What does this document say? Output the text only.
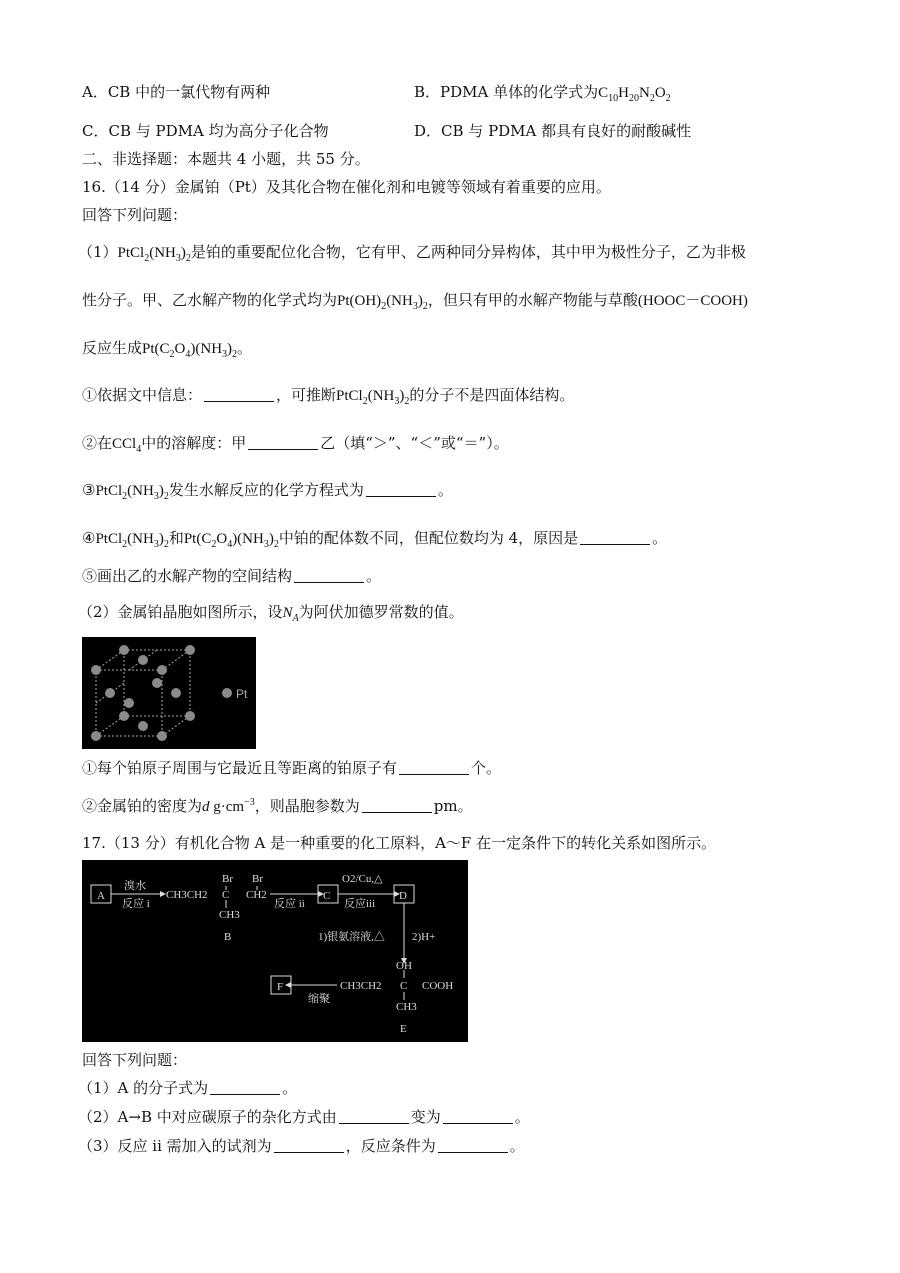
A．CB 中的一氯代物有两种	B．PDMA 单体的化学式为$C_{10}H_{20}N_2O_2$
C．CB 与 PDMA 均为高分子化合物	D．CB 与 PDMA 都具有良好的耐酸碱性
二、非选择题：本题共 4 小题，共 55 分。
16.（14 分）金属铂（Pt）及其化合物在催化剂和电镀等领域有着重要的应用。
回答下列问题：
$(1)PtCl_2(NH_3)_2$是铂的重要配位化合物，它有甲、乙两种同分异构体，其中甲为极性分子，乙为非极
性分子。甲、乙水解产物的化学式均为$Pt(OH)_2(NH_3)_2$，但只有甲的水解产物能与草酸(HOOC－COOH)
反应生成$Pt(C_2O_4)(NH_3)_2$。
①依据文中信息：	，可推断$PtCl_2(NH_3)_2$的分子不是四面体结构。
②在CCl$_4$中的溶解度：甲	乙（填“＞”、“＜”或“＝”）。
$③PtCl_2(NH_3)_2$发生水解反应的化学方程式为	。
$④PtCl_2(NH_3)_2$和$Pt(C_2O_4)(NH_3)_2$中铂的配体数不同，但配位数均为 4，原因是	。
⑤画出乙的水解产物的空间结构	。
（2）金属铂晶胞如图所示，设$N_A$为阿伏加德罗常数的值。
Pt
①每个铂原子周围与它最近且等距离的铂原子有	个。
②金属铂的密度为d $g\cdot cm^{-3}$，则晶胞参数为	pm。
17.（13 分）有机化合物 A 是一种重要的化工原料，A～F 在一定条件下的转化关系如图所示。
A
溴水
反应 i
CH3CH2
Br Br
C CH2
CH3
B
反应 ii
C
O2/Cu,△
反应iii
D
1)银氨溶液,△ 2)H+
OH
CH3CH2 C COOH
CH3
E
F
缩聚
回答下列问题：
（1）A 的分子式为	。
（2）A→B 中对应碳原子的杂化方式由	变为	。
（3）反应 ii 需加入的试剂为	，反应条件为	。
